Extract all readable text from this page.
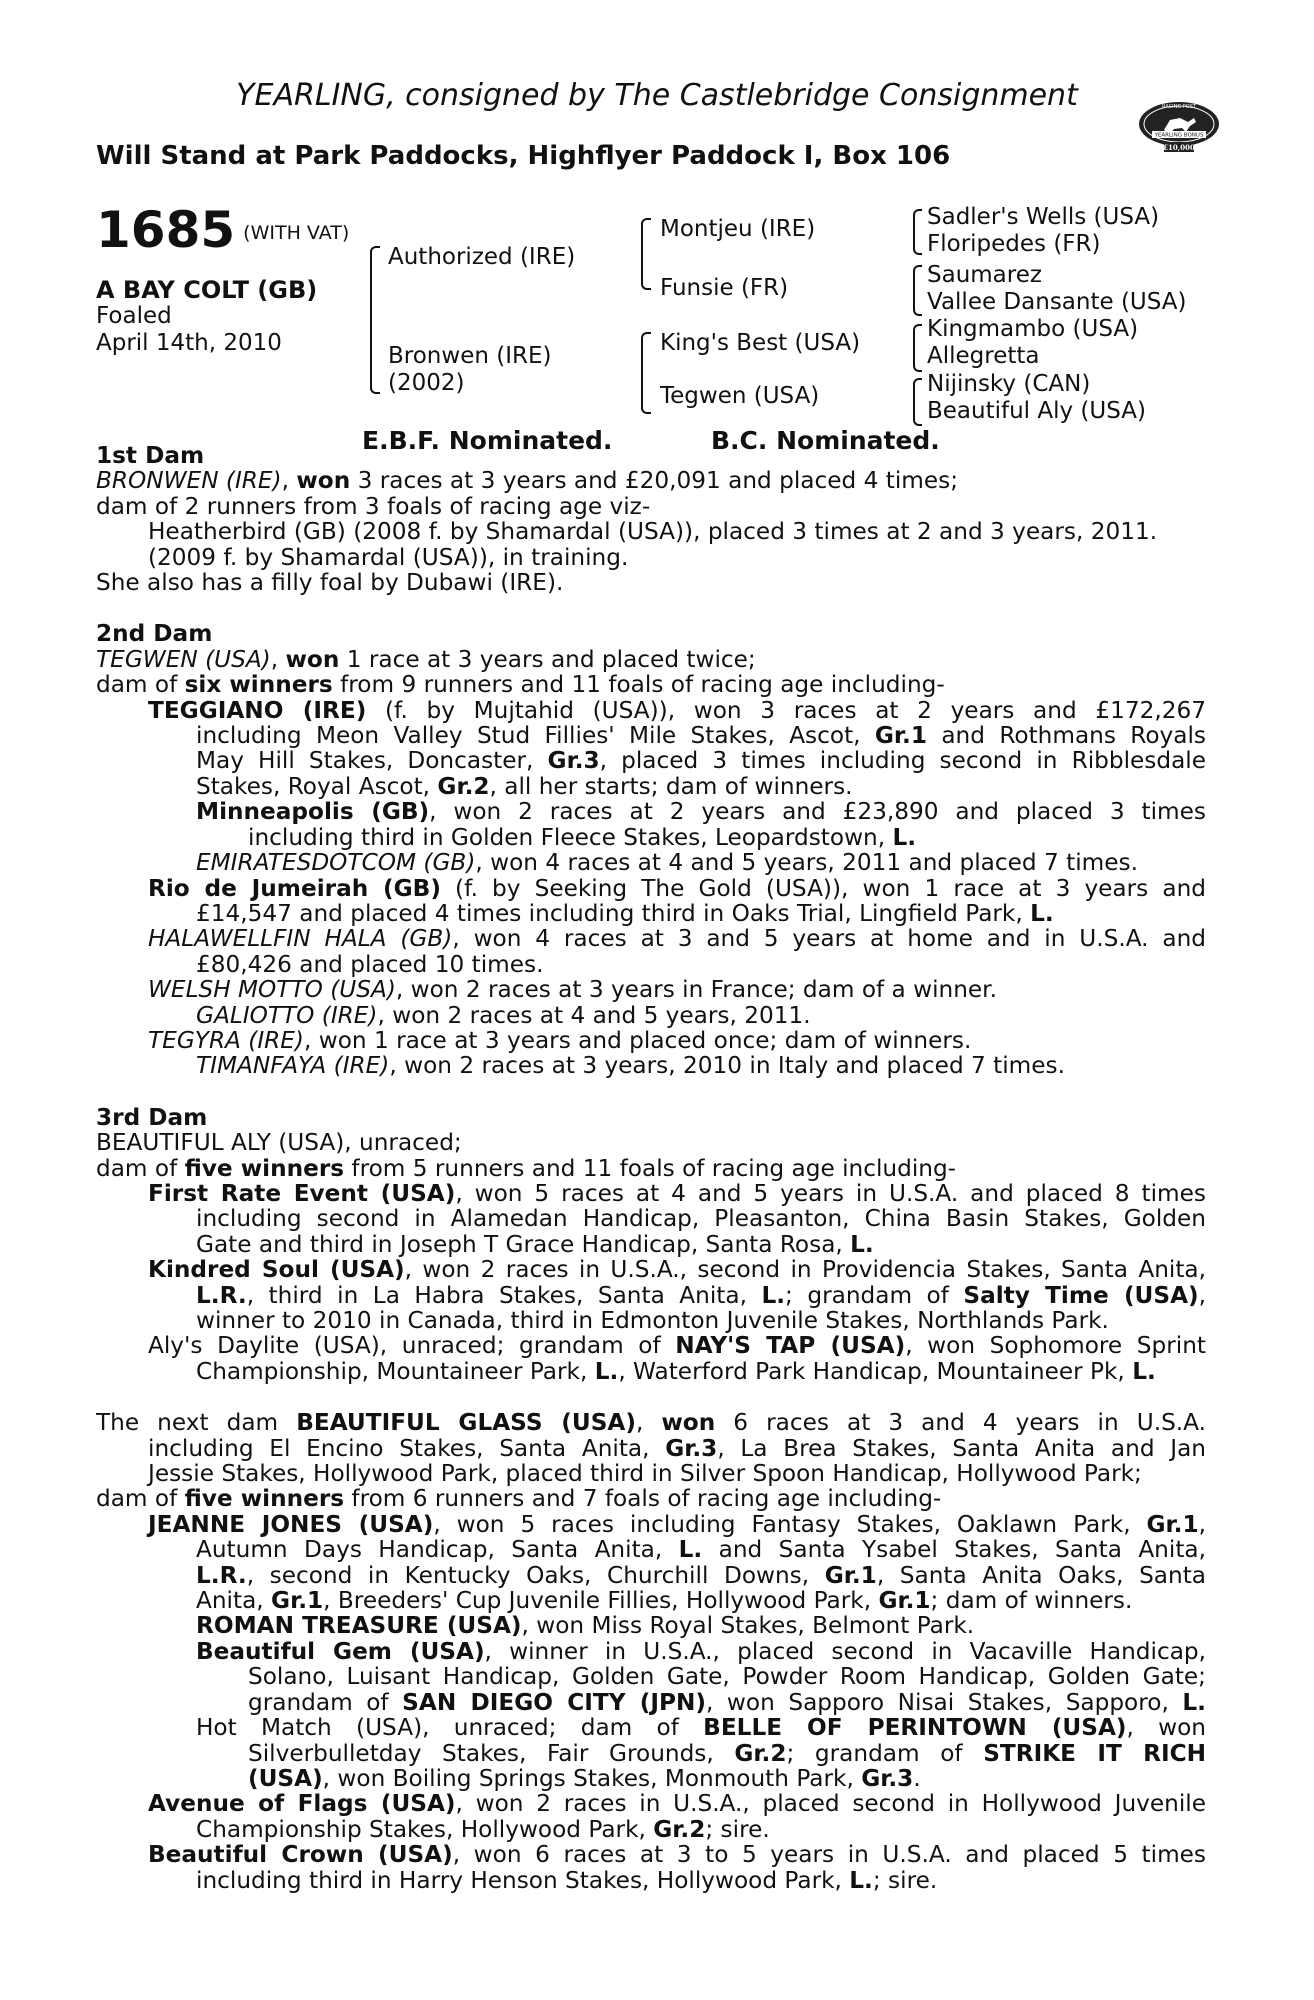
YEARLING, consigned by The Castlebridge Consignment
Will Stand at Park Paddocks, Highflyer Paddock I, Box 106
RACING POST
YEARLING BONUS
£10,000
1685 (WITH VAT)
A BAY COLT (GB)
Foaled
April 14th, 2010
Authorized (IRE)
Bronwen (IRE)
(2002)
Montjeu (IRE)
Funsie (FR)
King's Best (USA)
Tegwen (USA)
Sadler's Wells (USA)
Floripedes (FR)
Saumarez
Vallee Dansante (USA)
Kingmambo (USA)
Allegretta
Nijinsky (CAN)
Beautiful Aly (USA)
E.B.F. Nominated.	B.C. Nominated.
1st Dam
BRONWEN (IRE), won 3 races at 3 years and £20,091 and placed 4 times;
dam of 2 runners from 3 foals of racing age viz-
Heatherbird (GB) (2008 f. by Shamardal (USA)), placed 3 times at 2 and 3 years, 2011.
(2009 f. by Shamardal (USA)), in training.
She also has a filly foal by Dubawi (IRE).
2nd Dam
TEGWEN (USA), won 1 race at 3 years and placed twice;
dam of six winners from 9 runners and 11 foals of racing age including-
TEGGIANO (IRE) (f. by Mujtahid (USA)), won 3 races at 2 years and £172,267
including Meon Valley Stud Fillies' Mile Stakes, Ascot, Gr.1 and Rothmans Royals
May Hill Stakes, Doncaster, Gr.3, placed 3 times including second in Ribblesdale
Stakes, Royal Ascot, Gr.2, all her starts; dam of winners.
Minneapolis (GB), won 2 races at 2 years and £23,890 and placed 3 times
including third in Golden Fleece Stakes, Leopardstown, L.
EMIRATESDOTCOM (GB), won 4 races at 4 and 5 years, 2011 and placed 7 times.
Rio de Jumeirah (GB) (f. by Seeking The Gold (USA)), won 1 race at 3 years and
£14,547 and placed 4 times including third in Oaks Trial, Lingfield Park, L.
HALAWELLFIN HALA (GB), won 4 races at 3 and 5 years at home and in U.S.A. and
£80,426 and placed 10 times.
WELSH MOTTO (USA), won 2 races at 3 years in France; dam of a winner.
GALIOTTO (IRE), won 2 races at 4 and 5 years, 2011.
TEGYRA (IRE), won 1 race at 3 years and placed once; dam of winners.
TIMANFAYA (IRE), won 2 races at 3 years, 2010 in Italy and placed 7 times.
3rd Dam
BEAUTIFUL ALY (USA), unraced;
dam of five winners from 5 runners and 11 foals of racing age including-
First Rate Event (USA), won 5 races at 4 and 5 years in U.S.A. and placed 8 times
including second in Alamedan Handicap, Pleasanton, China Basin Stakes, Golden
Gate and third in Joseph T Grace Handicap, Santa Rosa, L.
Kindred Soul (USA), won 2 races in U.S.A., second in Providencia Stakes, Santa Anita,
L.R., third in La Habra Stakes, Santa Anita, L.; grandam of Salty Time (USA),
winner to 2010 in Canada, third in Edmonton Juvenile Stakes, Northlands Park.
Aly's Daylite (USA), unraced; grandam of NAY'S TAP (USA), won Sophomore Sprint
Championship, Mountaineer Park, L., Waterford Park Handicap, Mountaineer Pk, L.
The next dam BEAUTIFUL GLASS (USA), won 6 races at 3 and 4 years in U.S.A.
including El Encino Stakes, Santa Anita, Gr.3, La Brea Stakes, Santa Anita and Jan
Jessie Stakes, Hollywood Park, placed third in Silver Spoon Handicap, Hollywood Park;
dam of five winners from 6 runners and 7 foals of racing age including-
JEANNE JONES (USA), won 5 races including Fantasy Stakes, Oaklawn Park, Gr.1,
Autumn Days Handicap, Santa Anita, L. and Santa Ysabel Stakes, Santa Anita,
L.R., second in Kentucky Oaks, Churchill Downs, Gr.1, Santa Anita Oaks, Santa
Anita, Gr.1, Breeders' Cup Juvenile Fillies, Hollywood Park, Gr.1; dam of winners.
ROMAN TREASURE (USA), won Miss Royal Stakes, Belmont Park.
Beautiful Gem (USA), winner in U.S.A., placed second in Vacaville Handicap,
Solano, Luisant Handicap, Golden Gate, Powder Room Handicap, Golden Gate;
grandam of SAN DIEGO CITY (JPN), won Sapporo Nisai Stakes, Sapporo, L.
Hot Match (USA), unraced; dam of BELLE OF PERINTOWN (USA), won
Silverbulletday Stakes, Fair Grounds, Gr.2; grandam of STRIKE IT RICH
(USA), won Boiling Springs Stakes, Monmouth Park, Gr.3.
Avenue of Flags (USA), won 2 races in U.S.A., placed second in Hollywood Juvenile
Championship Stakes, Hollywood Park, Gr.2; sire.
Beautiful Crown (USA), won 6 races at 3 to 5 years in U.S.A. and placed 5 times
including third in Harry Henson Stakes, Hollywood Park, L.; sire.
